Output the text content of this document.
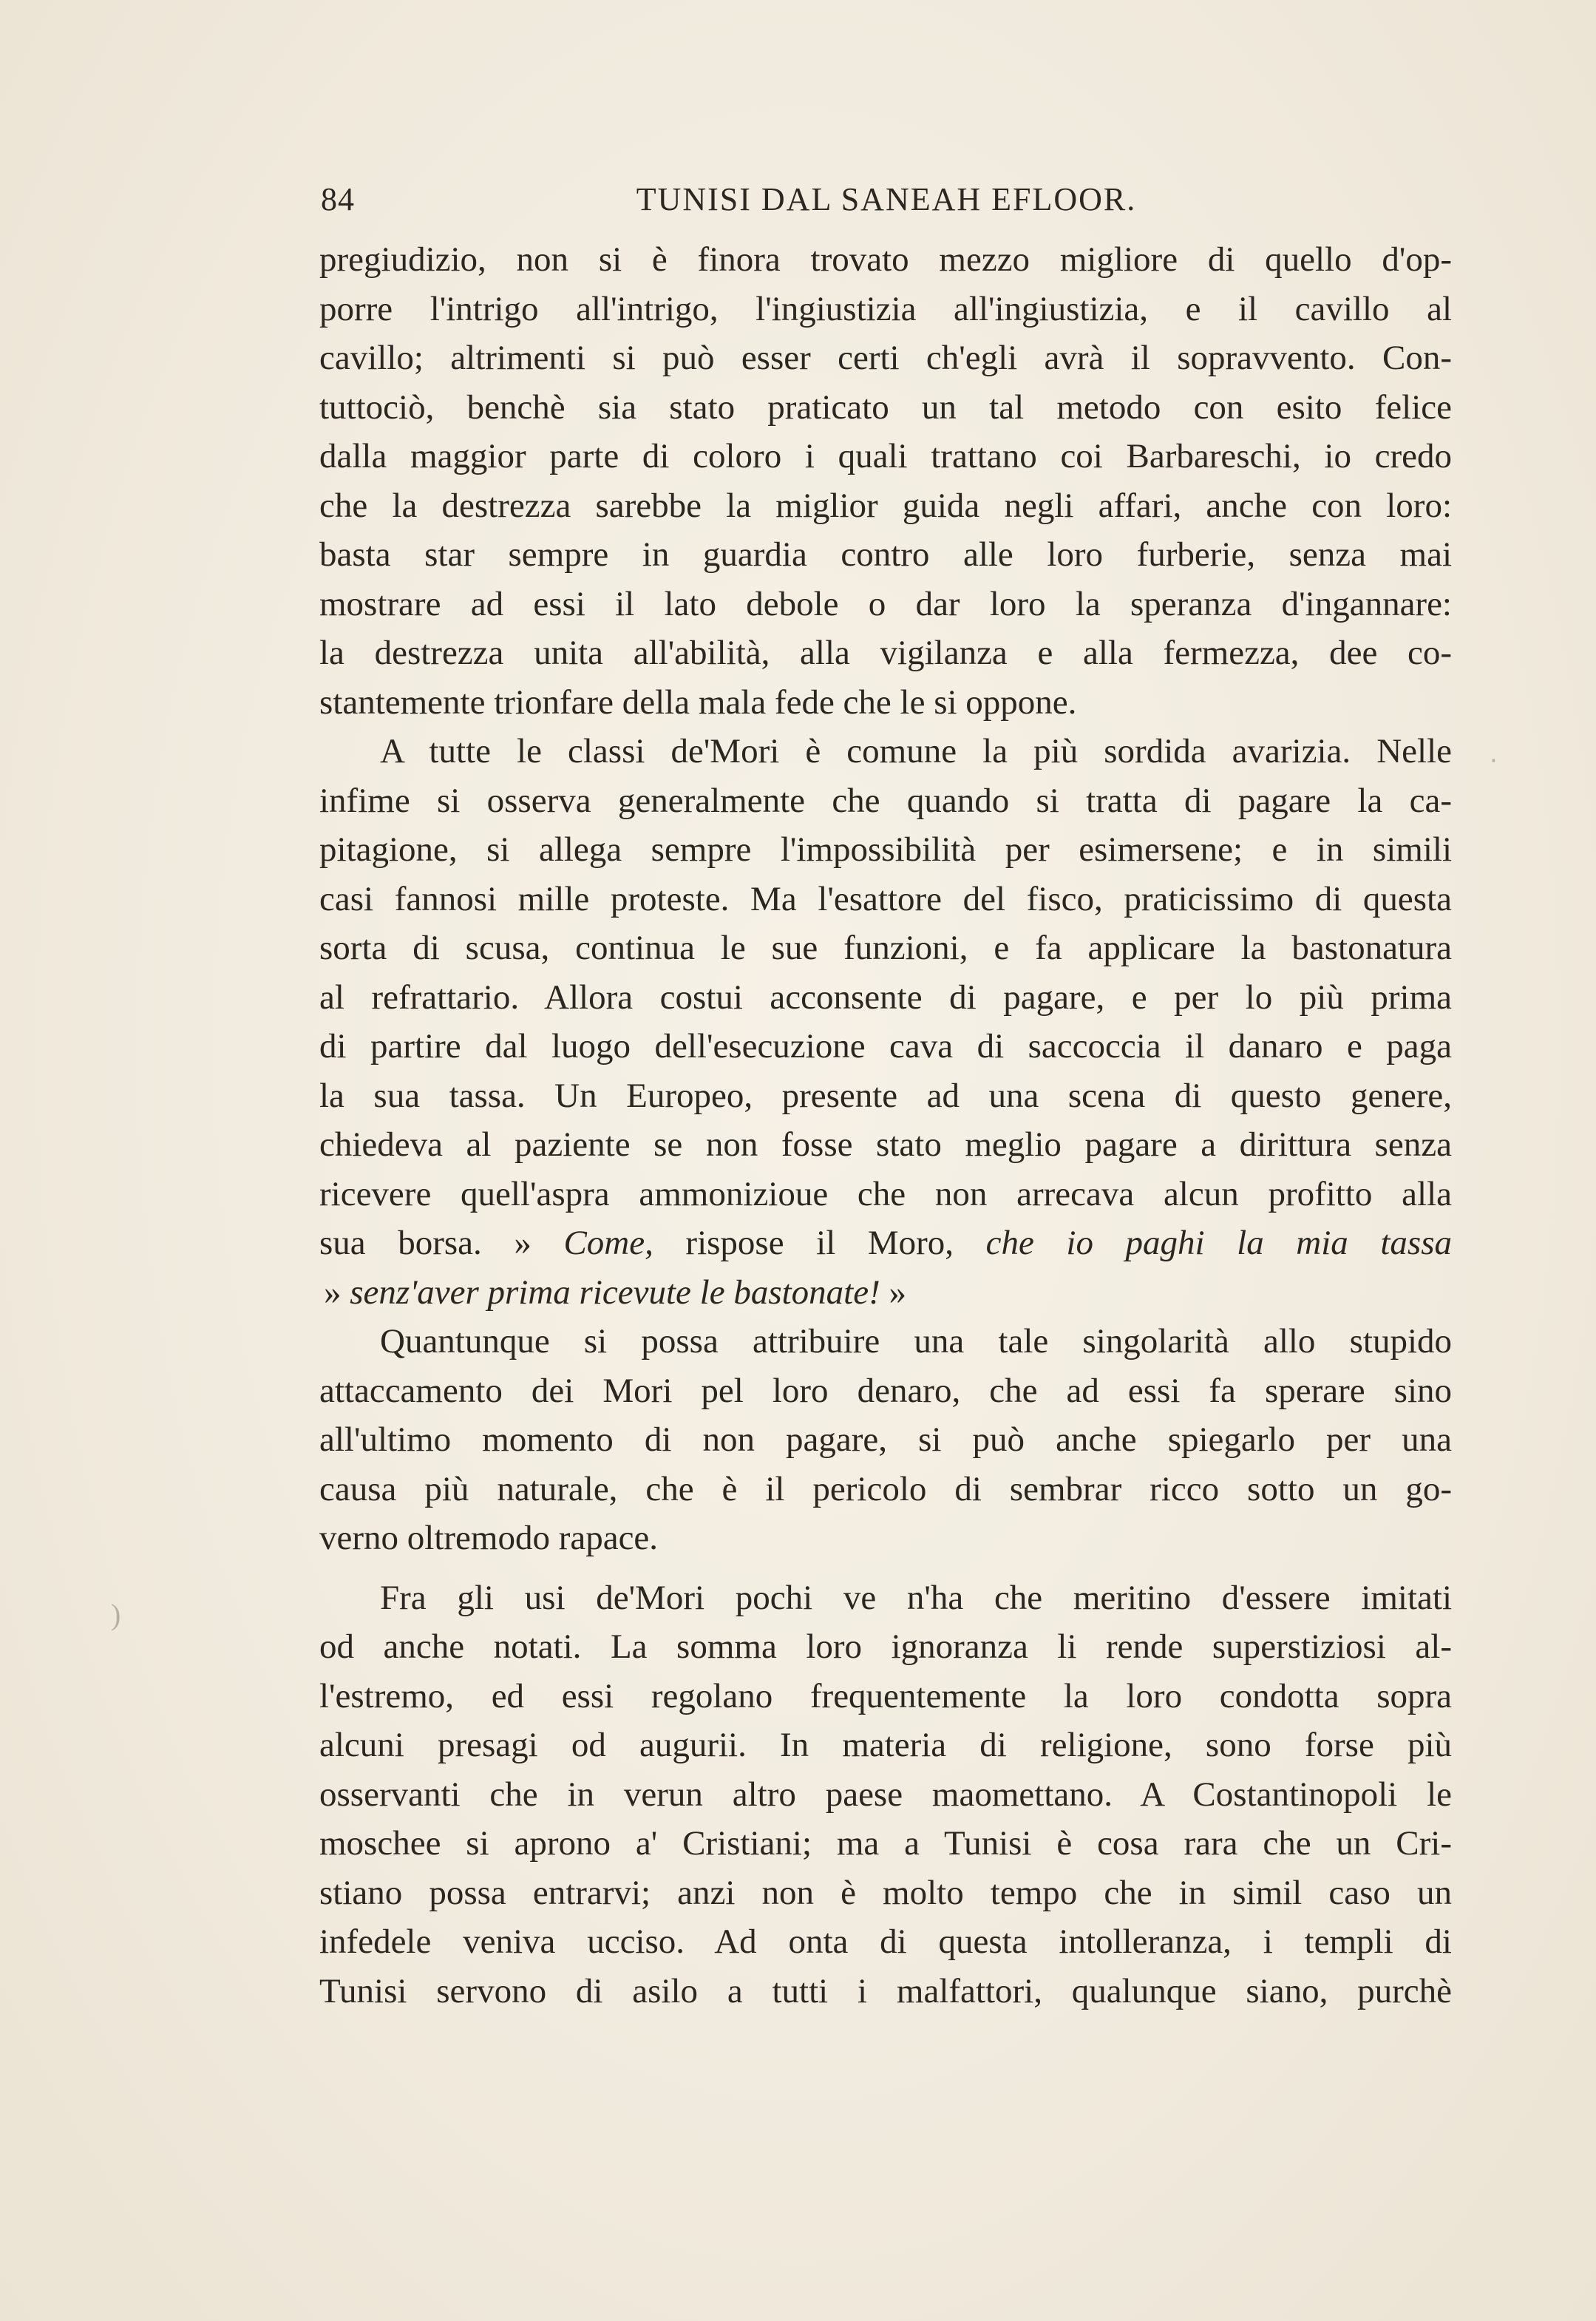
84	TUNISI DAL SANEAH EFLOOR.
pregiudizio, non si è finora trovato mezzo migliore di quello d'op-
porre l'intrigo all'intrigo, l'ingiustizia all'ingiustizia, e il cavillo al
cavillo; altrimenti si può esser certi ch'egli avrà il sopravvento. Con-
tuttociò, benchè sia stato praticato un tal metodo con esito felice
dalla maggior parte di coloro i quali trattano coi Barbareschi, io credo
che la destrezza sarebbe la miglior guida negli affari, anche con loro:
basta star sempre in guardia contro alle loro furberie, senza mai
mostrare ad essi il lato debole o dar loro la speranza d'ingannare:
la destrezza unita all'abilità, alla vigilanza e alla fermezza, dee co-
stantemente trionfare della mala fede che le si oppone.
A tutte le classi de'Mori è comune la più sordida avarizia. Nelle
infime si osserva generalmente che quando si tratta di pagare la ca-
pitagione, si allega sempre l'impossibilità per esimersene; e in simili
casi fannosi mille proteste. Ma l'esattore del fisco, praticissimo di questa
sorta di scusa, continua le sue funzioni, e fa applicare la bastonatura
al refrattario. Allora costui acconsente di pagare, e per lo più prima
di partire dal luogo dell'esecuzione cava di saccoccia il danaro e paga
la sua tassa. Un Europeo, presente ad una scena di questo genere,
chiedeva al paziente se non fosse stato meglio pagare a dirittura senza
ricevere quell'aspra ammonizioue che non arrecava alcun profitto alla
sua borsa. » Come, rispose il Moro, che io paghi la mia tassa
» senz'aver prima ricevute le bastonate! »
Quantunque si possa attribuire una tale singolarità allo stupido
attaccamento dei Mori pel loro denaro, che ad essi fa sperare sino
all'ultimo momento di non pagare, si può anche spiegarlo per una
causa più naturale, che è il pericolo di sembrar ricco sotto un go-
verno oltremodo rapace.
Fra gli usi de'Mori pochi ve n'ha che meritino d'essere imitati
od anche notati. La somma loro ignoranza li rende superstiziosi al-
l'estremo, ed essi regolano frequentemente la loro condotta sopra
alcuni presagi od augurii. In materia di religione, sono forse più
osservanti che in verun altro paese maomettano. A Costantinopoli le
moschee si aprono a' Cristiani; ma a Tunisi è cosa rara che un Cri-
stiano possa entrarvi; anzi non è molto tempo che in simil caso un
infedele veniva ucciso. Ad onta di questa intolleranza, i templi di
Tunisi servono di asilo a tutti i malfattori, qualunque siano, purchè
)
‧
